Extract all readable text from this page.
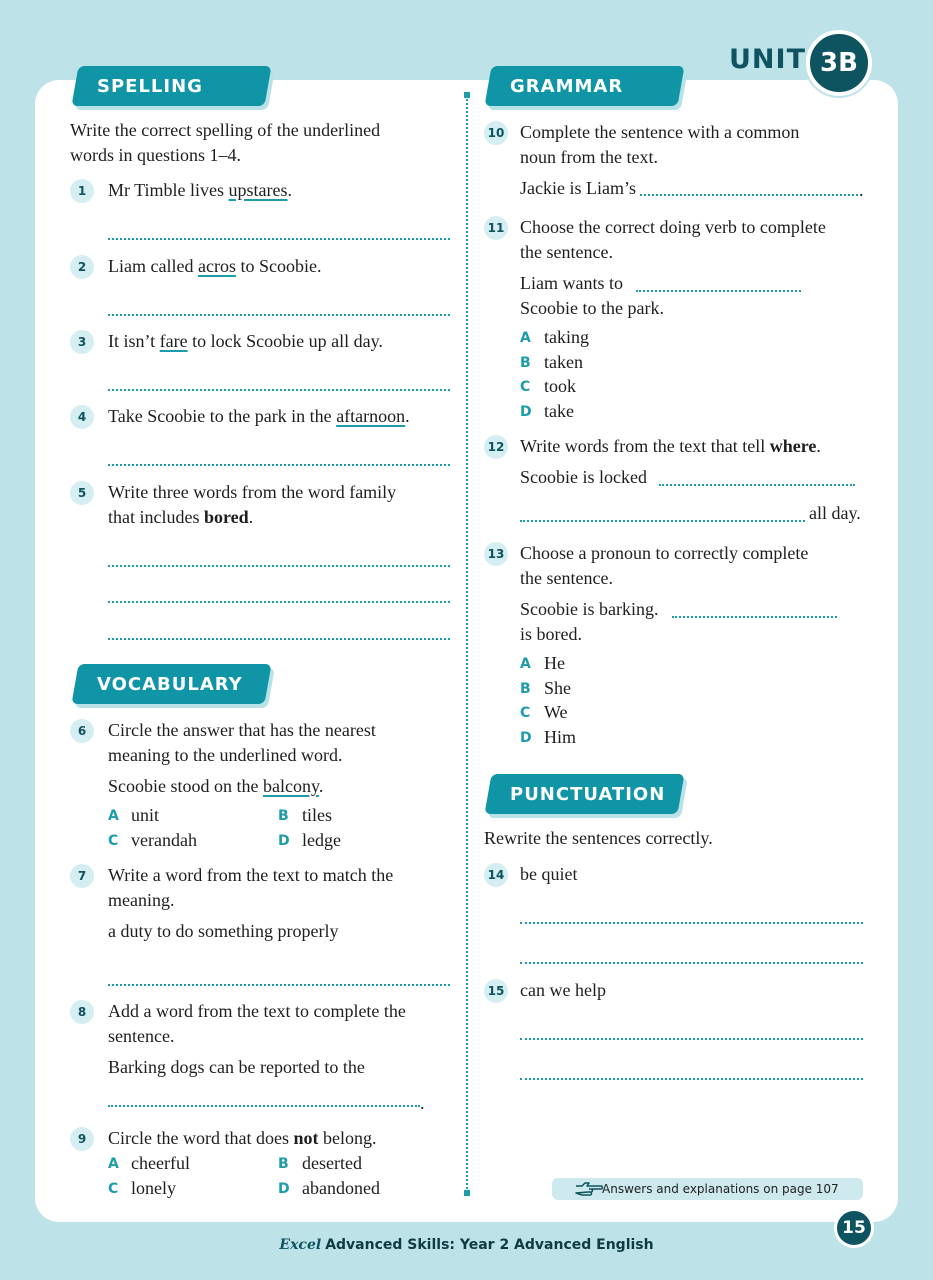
UNIT 3B
SPELLING
Write the correct spelling of the underlined
words in questions 1–4.
1	Mr Timble lives upstares.
2	Liam called acros to Scoobie.
3	It isn’t fare to lock Scoobie up all day.
4	Take Scoobie to the park in the aftarnoon.
5	Write three words from the word family
that includes bored.
VOCABULARY
6	Circle the answer that has the nearest
meaning to the underlined word.
Scoobie stood on the balcony.
A unit	B tiles
C verandah	D ledge
7	Write a word from the text to match the
meaning.
a duty to do something properly
8	Add a word from the text to complete the
sentence.
Barking dogs can be reported to the
.
9	Circle the word that does not belong.
A cheerful	B deserted
C lonely	D abandoned
GRAMMAR
10 Complete the sentence with a common
noun from the text.
Jackie is Liam’s	.
11 Choose the correct doing verb to complete
the sentence.
Liam wants to
Scoobie to the park.
A taking
B taken
C took
D take
12 Write words from the text that tell where.
Scoobie is locked
all day.
13 Choose a pronoun to correctly complete
the sentence.
Scoobie is barking.
is bored.
A He
B She
C We
D Him
PUNCTUATION
Rewrite the sentences correctly.
14 be quiet
15 can we help
Answers and explanations on page 107
15
Excel Advanced Skills: Year 2 Advanced English
